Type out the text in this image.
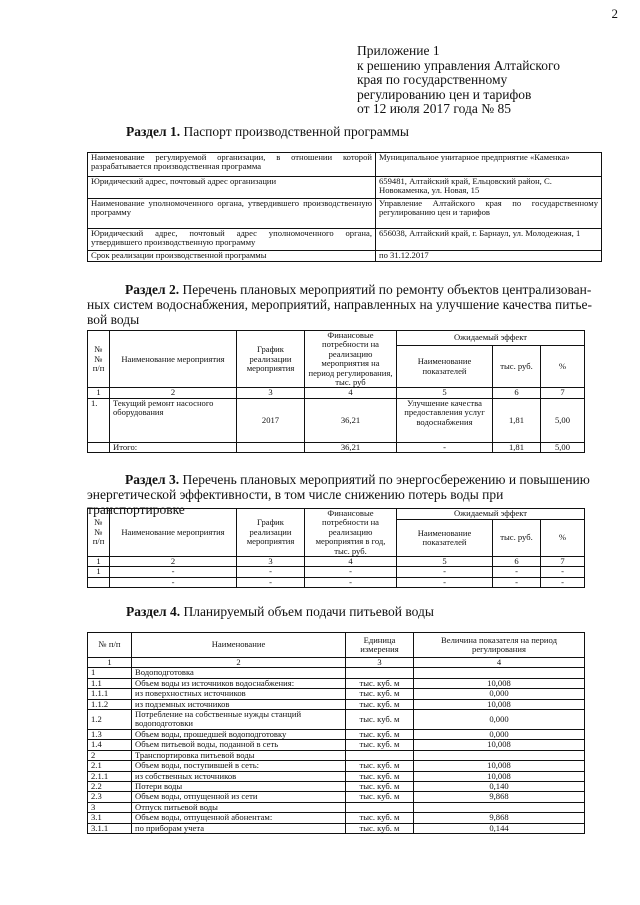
2
Приложение 1
к решению управления Алтайского
края по государственному
регулированию цен и тарифов
от 12 июля 2017 года № 85
Раздел 1. Паспорт производственной программы
Наименование регулируемой организации, в отношении которой разрабатывается производственная программа	Муниципальное унитарное предприятие «Каменка»
Юридический адрес, почтовый адрес организации	659481, Алтайский край, Ельцовский район, С. Новокаменка, ул. Новая, 15
Наименование уполномоченного органа, утвердившего производственную программу	Управление Алтайского края по государственному регулированию цен и тарифов
Юридический адрес, почтовый адрес уполномоченного органа, утвердившего производственную программу	656038, Алтайский край, г. Барнаул, ул. Молодежная, 1
Срок реализации производственной программы	по 31.12.2017
Раздел 2. Перечень плановых мероприятий по ремонту объектов централизован-
ных систем водоснабжения, мероприятий, направленных на улучшение качества питье-
вой воды
№№ п/п	Наименование мероприятия	График реализации мероприятия	Финансовые потребности на реализацию мероприятия на период регулирования, тыс. руб	Ожидаемый эффект		
				Наименование показателей	тыс. руб.	%
1	2	3	4	5	6	7
1.	Текущий ремонт насосного оборудования	2017	36,21	Улучшение качества предоставления услуг водоснабжения	1,81	5,00
	Итого:		36,21	-	1,81	5,00
Раздел 3. Перечень плановых мероприятий по энергосбережению и повышению
энергетической эффективности, в том числе снижению потерь воды при транспортировке
№№ п/п	Наименование мероприятия	График реализации мероприятия	Финансовые потребности на реализацию мероприятия в год, тыс. руб.	Ожидаемый эффект		
				Наименование показателей	тыс. руб.	%
1	2	3	4	5	6	7
1	-	-	-	-	-	-
	-	-	-	-	-	-
Раздел 4. Планируемый объем подачи питьевой воды
№ п/п	Наименование	Единица измерения	Величина показателя на период регулирования
1	2	3	4
1	Водоподготовка		
1.1	Объем воды из источников водоснабжения:	тыс. куб. м	10,008
1.1.1	из поверхностных источников	тыс. куб. м	0,000
1.1.2	из подземных источников	тыс. куб. м	10,008
1.2	Потребление на собственные нужды станций водоподготовки	тыс. куб. м	0,000
1.3	Объем воды, прошедшей водоподготовку	тыс. куб. м	0,000
1.4	Объем питьевой воды, поданной в сеть	тыс. куб. м	10,008
2	Транспортировка питьевой воды		
2.1	Объем воды, поступившей в сеть:	тыс. куб. м	10,008
2.1.1	из собственных источников	тыс. куб. м	10,008
2.2	Потери воды	тыс. куб. м	0,140
2.3	Объем воды, отпущенной из сети	тыс. куб. м	9,868
3	Отпуск питьевой воды		
3.1	Объем воды, отпущенной абонентам:	тыс. куб. м	9,868
3.1.1	по приборам учета	тыс. куб. м	0,144
